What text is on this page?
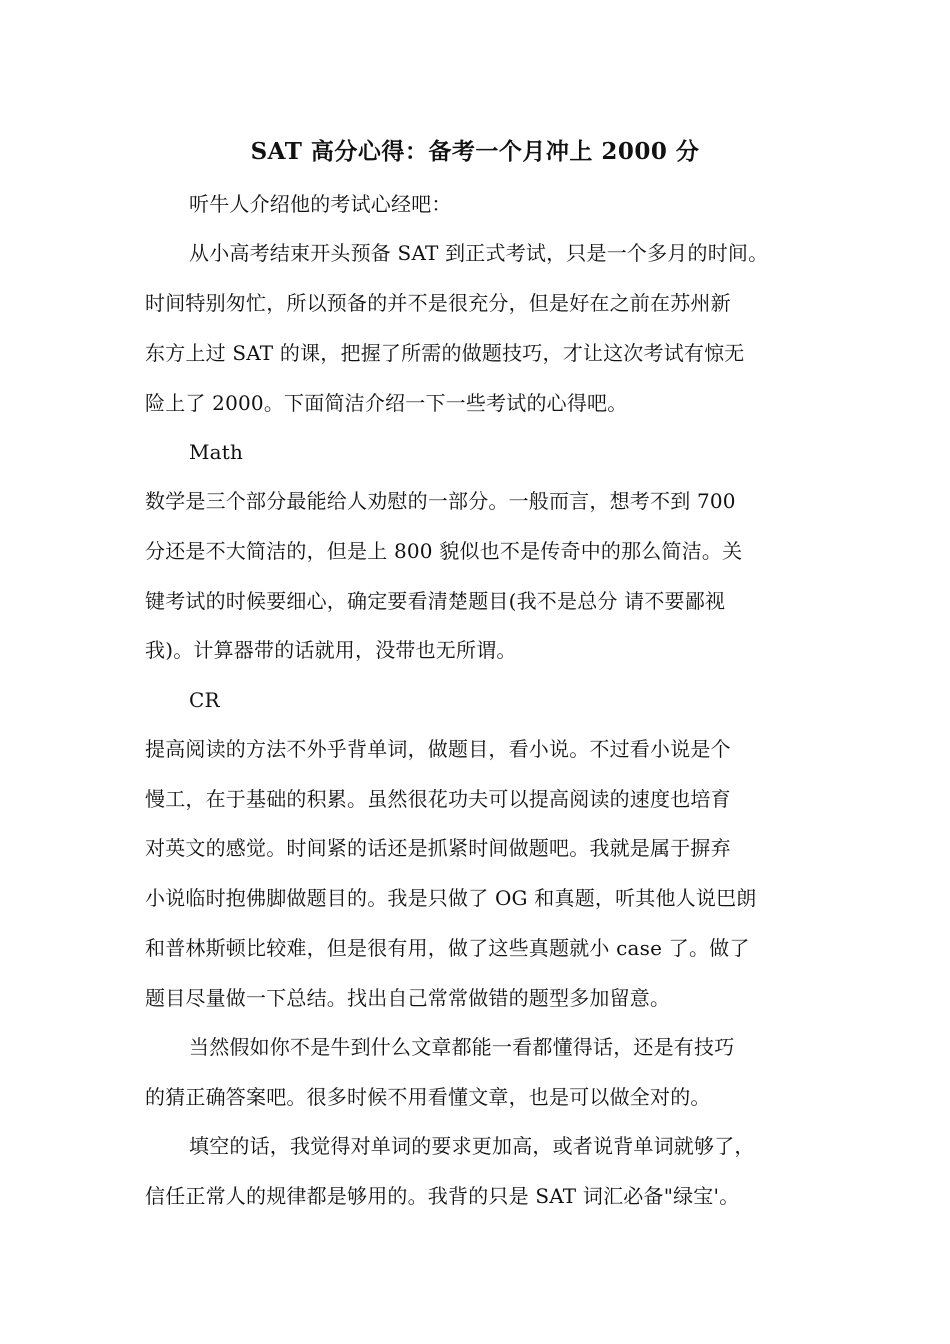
SAT 高分心得：备考一个月冲上 2000 分
听牛人介绍他的考试心经吧：
从小高考结束开头预备 SAT 到正式考试，只是一个多月的时间。
时间特别匆忙，所以预备的并不是很充分，但是好在之前在苏州新
东方上过 SAT 的课，把握了所需的做题技巧，才让这次考试有惊无
险上了 2000。下面简洁介绍一下一些考试的心得吧。
Math
数学是三个部分最能给人劝慰的一部分。一般而言，想考不到 700
分还是不大简洁的，但是上 800 貌似也不是传奇中的那么简洁。关
键考试的时候要细心，确定要看清楚题目(我不是总分 请不要鄙视
我)。计算器带的话就用，没带也无所谓。
CR
提高阅读的方法不外乎背单词，做题目，看小说。不过看小说是个
慢工，在于基础的积累。虽然很花功夫可以提高阅读的速度也培育
对英文的感觉。时间紧的话还是抓紧时间做题吧。我就是属于摒弃
小说临时抱佛脚做题目的。我是只做了 OG 和真题，听其他人说巴朗
和普林斯顿比较难，但是很有用，做了这些真题就小 case 了。做了
题目尽量做一下总结。找出自己常常做错的题型多加留意。
当然假如你不是牛到什么文章都能一看都懂得话，还是有技巧
的猜正确答案吧。很多时候不用看懂文章，也是可以做全对的。
填空的话，我觉得对单词的要求更加高，或者说背单词就够了，
信任正常人的规律都是够用的。我背的只是 SAT 词汇必备"绿宝'。
